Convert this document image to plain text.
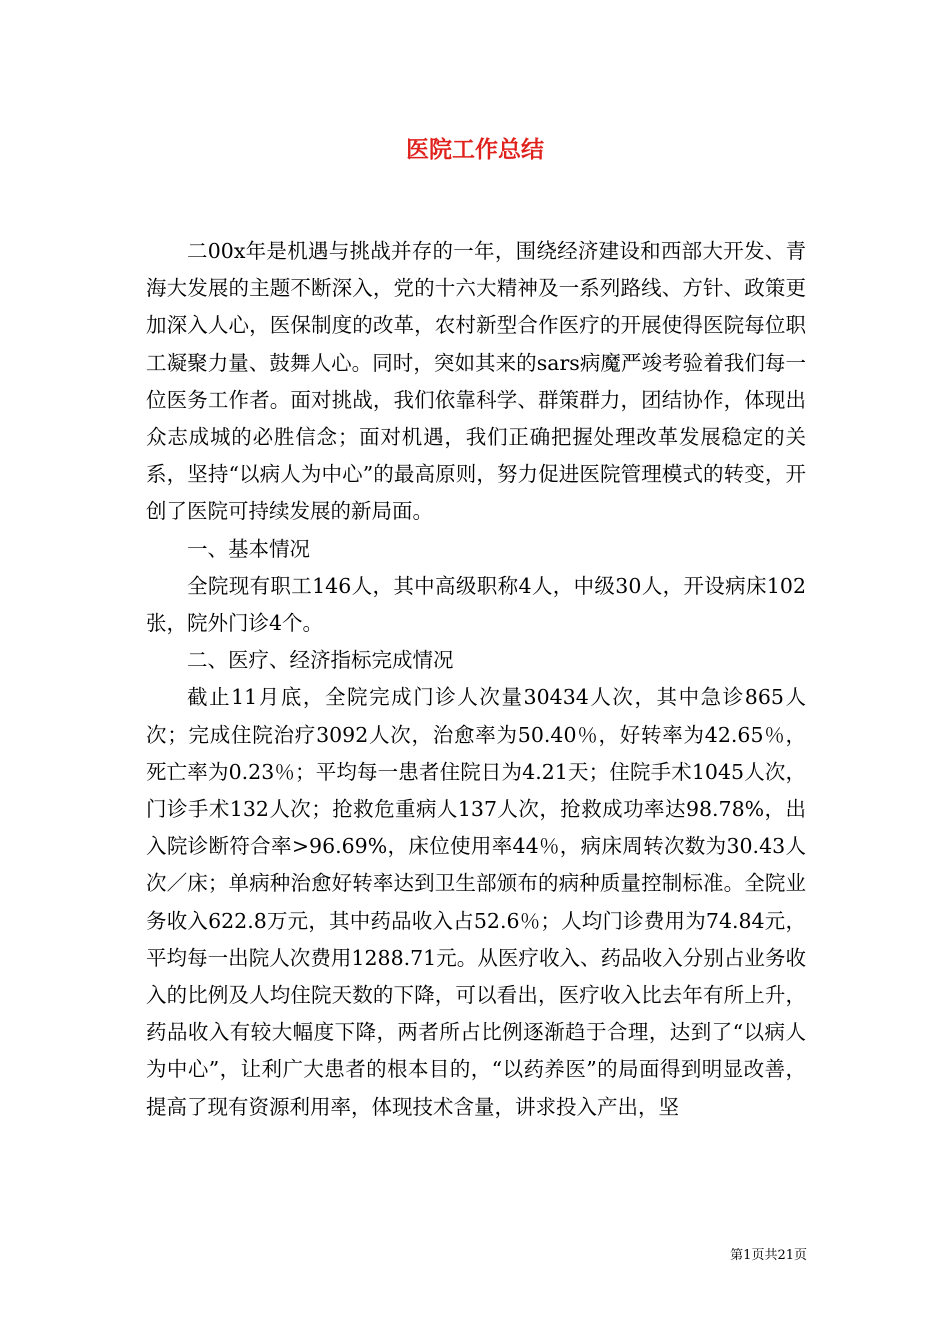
医院工作总结

二00x年是机遇与挑战并存的一年，围绕经济建设和西部大开发、青海大发展的主题不断深入，党的十六大精神及一系列路线、方针、政策更加深入人心，医保制度的改革，农村新型合作医疗的开展使得医院每位职工凝聚力量、鼓舞人心。同时，突如其来的sars病魔严竣考验着我们每一位医务工作者。面对挑战，我们依靠科学、群策群力，团结协作，体现出众志成城的必胜信念；面对机遇，我们正确把握处理改革发展稳定的关系，坚持“以病人为中心”的最高原则，努力促进医院管理模式的转变，开创了医院可持续发展的新局面。

一、基本情况

全院现有职工146人，其中高级职称4人，中级30人，开设病床102张，院外门诊4个。

二、医疗、经济指标完成情况

截止11月底，全院完成门诊人次量30434人次，其中急诊865人次；完成住院治疗3092人次，治愈率为50.40％，好转率为42.65％，死亡率为0.23％；平均每一患者住院日为4.21天；住院手术1045人次，门诊手术132人次；抢救危重病人137人次，抢救成功率达98.78%，出入院诊断符合率>96.69%，床位使用率44％，病床周转次数为30.43人次／床；单病种治愈好转率达到卫生部颁布的病种质量控制标准。全院业务收入622.8万元，其中药品收入占52.6％；人均门诊费用为74.84元，平均每一出院人次费用1288.71元。从医疗收入、药品收入分别占业务收入的比例及人均住院天数的下降，可以看出，医疗收入比去年有所上升，药品收入有较大幅度下降，两者所占比例逐渐趋于合理，达到了“以病人为中心”，让利广大患者的根本目的，“以药养医”的局面得到明显改善，提高了现有资源利用率，体现技术含量，讲求投入产出，坚

第1页共21页
